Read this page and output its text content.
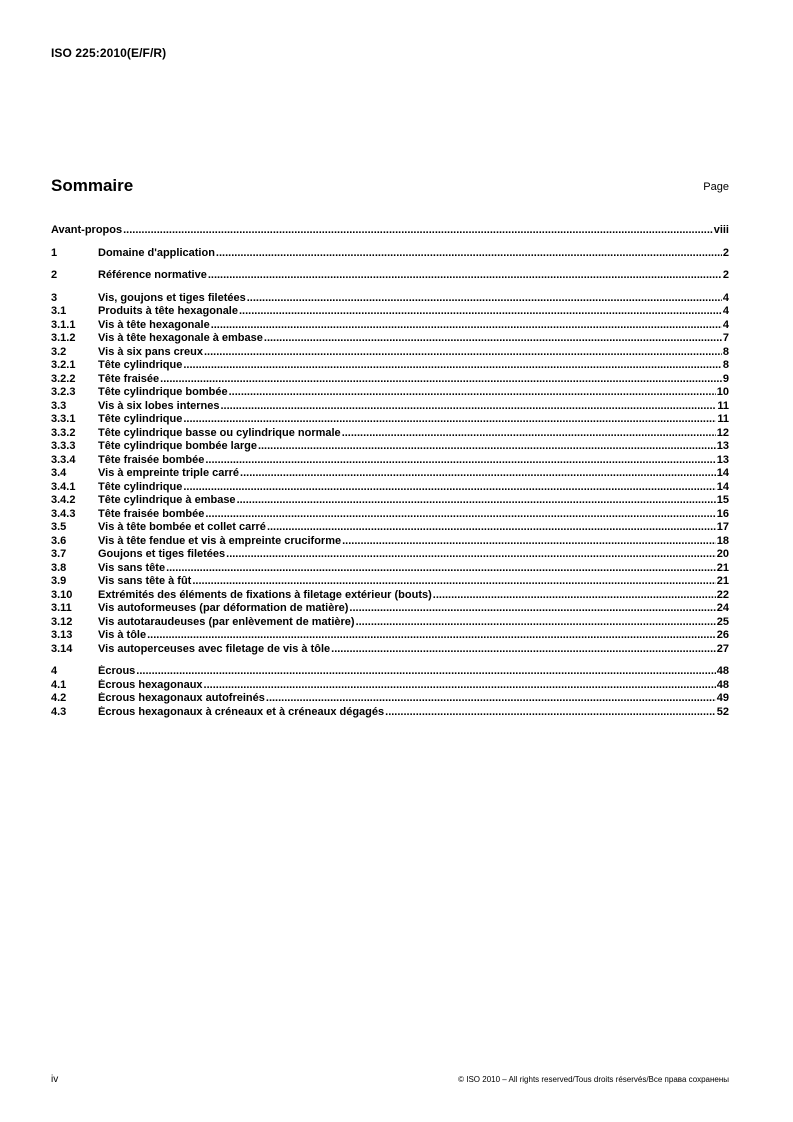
ISO 225:2010(E/F/R)
Sommaire	Page
Avant-propos .....	viii
1	Domaine d'application .....	2
2	Référence normative .....	2
3	Vis, goujons et tiges filetées .....	4
3.1	Produits à tête hexagonale .....	4
3.1.1	Vis à tête hexagonale .....	4
3.1.2	Vis à tête hexagonale à embase .....	7
3.2	Vis à six pans creux .....	8
3.2.1	Tête cylindrique .....	8
3.2.2	Tête fraisée .....	9
3.2.3	Tête cylindrique bombée .....	10
3.3	Vis à six lobes internes .....	11
3.3.1	Tête cylindrique .....	11
3.3.2	Tête cylindrique basse ou cylindrique normale .....	12
3.3.3	Tête cylindrique bombée large .....	13
3.3.4	Tête fraisée bombée .....	13
3.4	Vis à empreinte triple carré .....	14
3.4.1	Tête cylindrique .....	14
3.4.2	Tête cylindrique à embase .....	15
3.4.3	Tête fraisée bombée .....	16
3.5	Vis à tête bombée et collet carré .....	17
3.6	Vis à tête fendue et vis à empreinte cruciforme .....	18
3.7	Goujons et tiges filetées .....	20
3.8	Vis sans tête .....	21
3.9	Vis sans tête à fût .....	21
3.10	Extrémités des éléments de fixations à filetage extérieur (bouts) .....	22
3.11	Vis autoformeuses (par déformation de matière) .....	24
3.12	Vis autotaraudeuses (par enlèvement de matière) .....	25
3.13	Vis à tôle .....	26
3.14	Vis autoperceuses avec filetage de vis à tôle .....	27
4	Écrous .....	48
4.1	Écrous hexagonaux .....	48
4.2	Écrous hexagonaux autofreinés .....	49
4.3	Écrous hexagonaux à créneaux et à créneaux dégagés .....	52
iv	© ISO 2010 – All rights reserved/Tous droits réservés/Все права сохранены
